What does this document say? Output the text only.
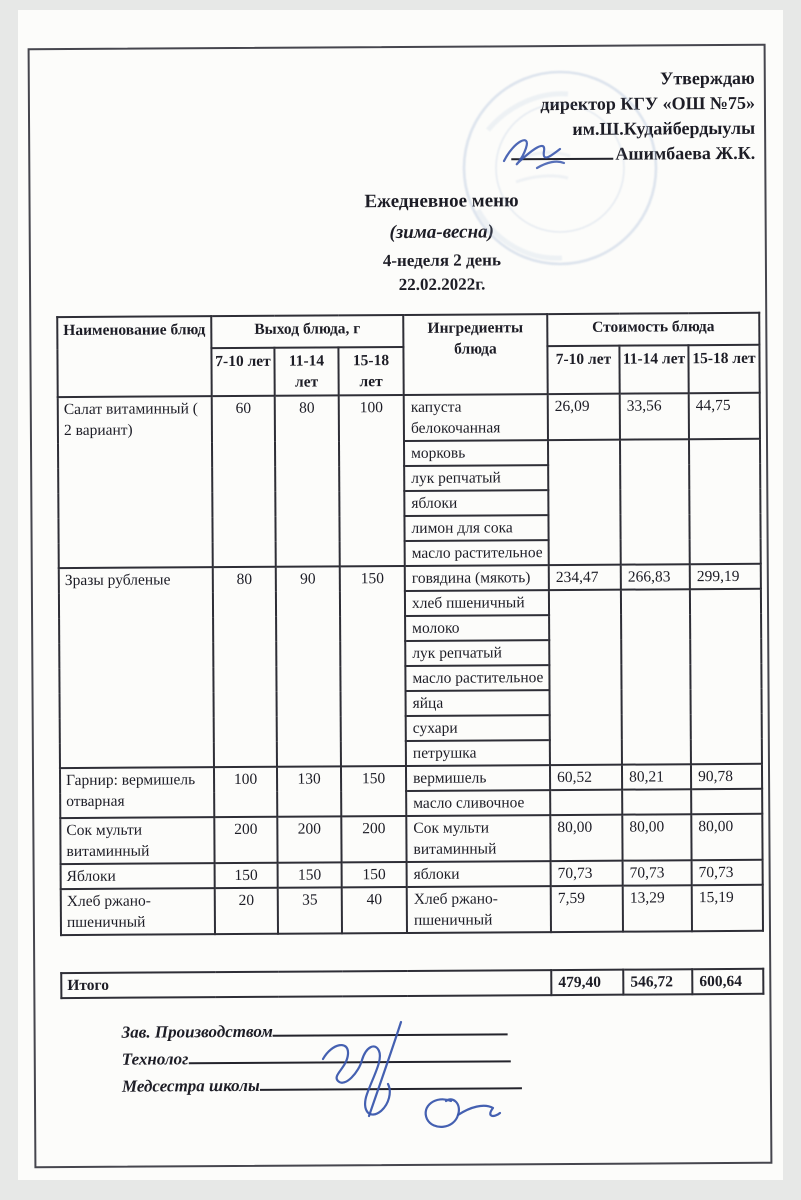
Утверждаю
директор КГУ «ОШ №75»
им.Ш.Кудайбердыулы
Ашимбаева Ж.К.
Ежедневное меню
(зима-весна)
4-неделя 2 день
22.02.2022г.
Наименование блюд	Выход блюда, г			Ингредиенты блюда	Стоимость блюда		
	7-10 лет	11-14 лет	15-18 лет		7-10 лет	11-14 лет	15-18 лет
Салат витаминный ( 2 вариант)	60	80	100	капуста белокочанная	26,09	33,56	44,75
				морковь			
				лук репчатый			
				яблоки			
				лимон для сока			
				масло растительное			
Зразы рубленые	80	90	150	говядина (мякоть)	234,47	266,83	299,19
				хлеб пшеничный			
				молоко			
				лук репчатый			
				масло растительное			
				яйца			
				сухари			
				петрушка			
Гарнир: вермишель отварная	100	130	150	вермишель	60,52	80,21	90,78
				масло сливочное			
Сок мульти витаминный	200	200	200	Сок мульти витаминный	80,00	80,00	80,00
Яблоки	150	150	150	яблоки	70,73	70,73	70,73
Хлеб ржано-пшеничный	20	35	40	Хлеб ржано-пшеничный	7,59	13,29	15,19
Итого	479,40	546,72	600,64
Зав. Производством
Технолог
Медсестра школы
